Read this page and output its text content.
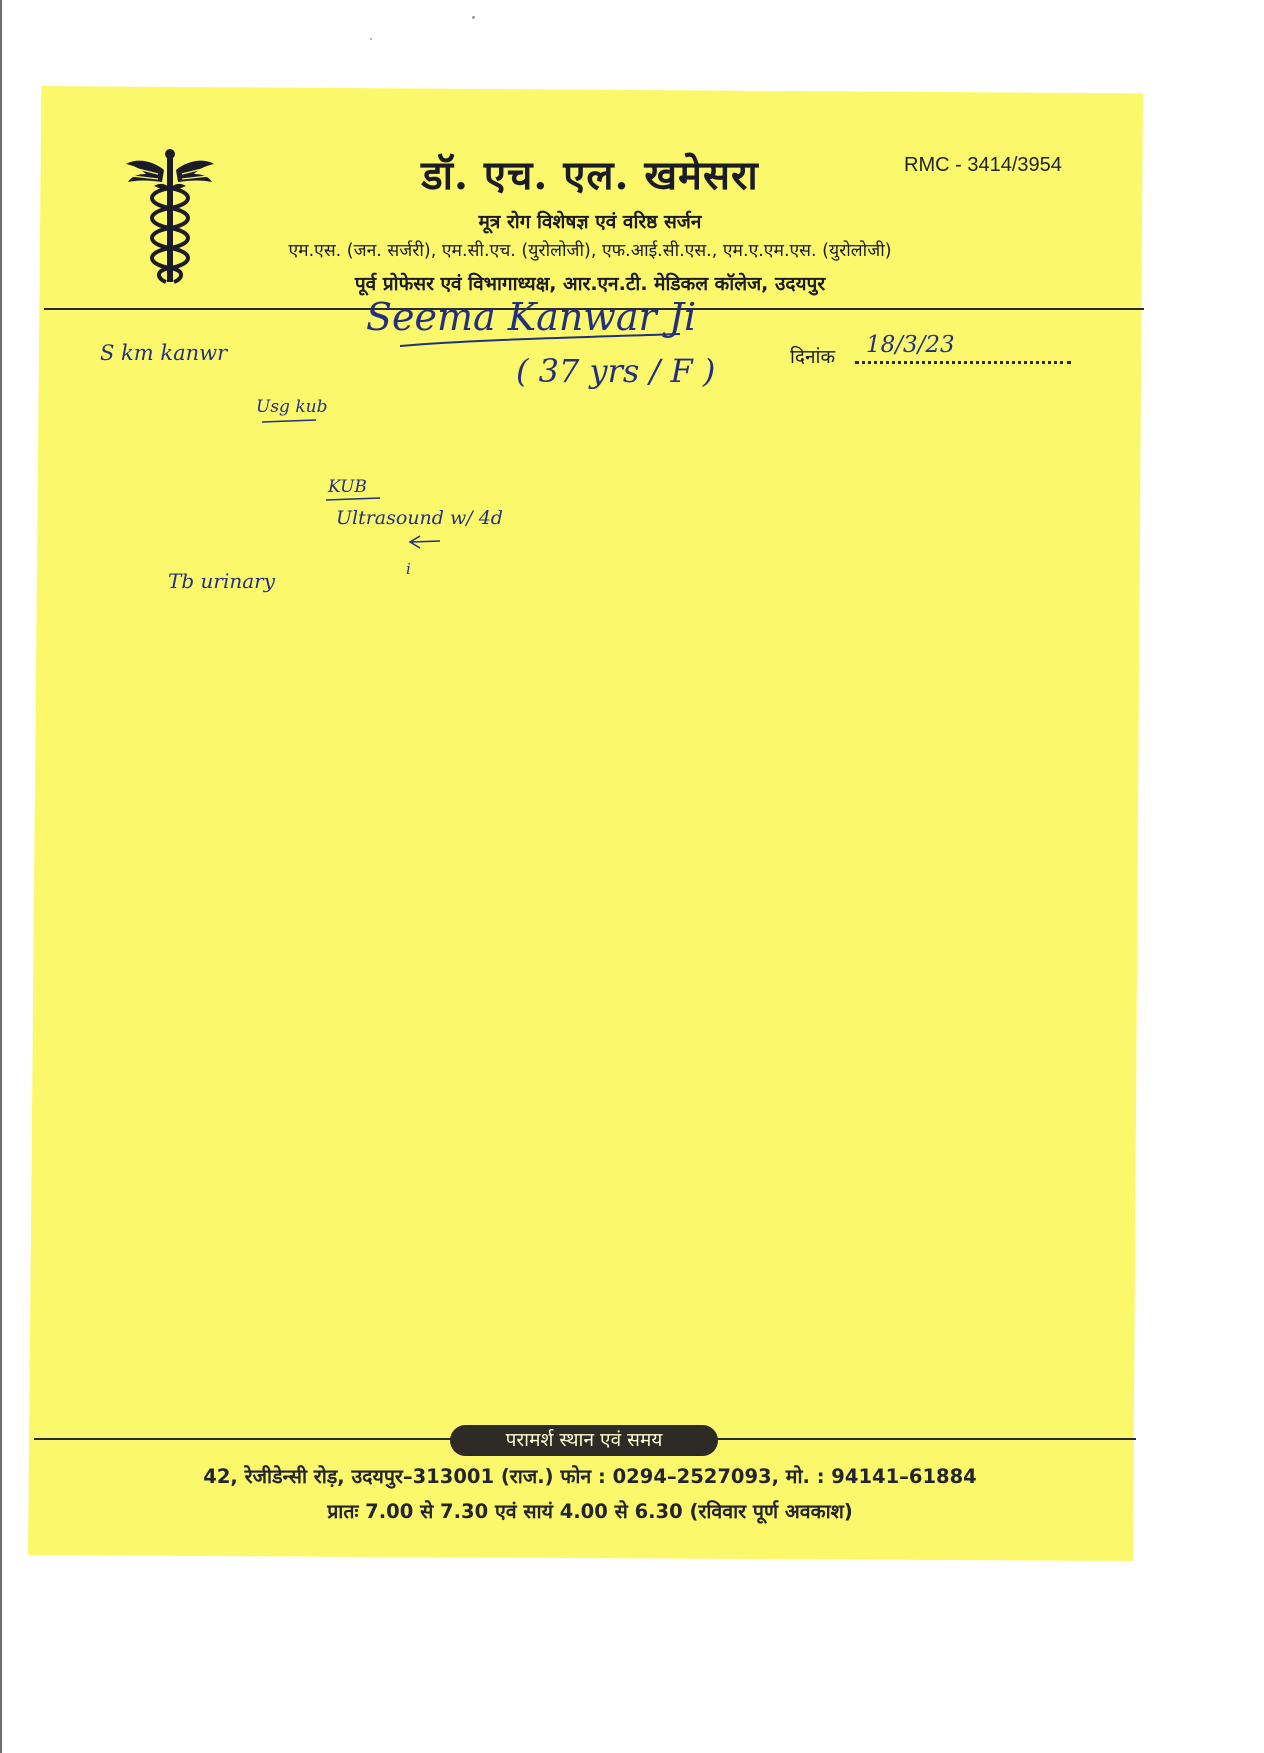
डॉ. एच. एल. खमेसरा	RMC - 3414/3954
मूत्र रोग विशेषज्ञ एवं वरिष्ठ सर्जन
एम.एस. (जन. सर्जरी), एम.सी.एच. (युरोलोजी), एफ.आई.सी.एस., एम.ए.एम.एस. (युरोलोजी)
पूर्व प्रोफेसर एवं विभागाध्यक्ष, आर.एन.टी. मेडिकल कॉलेज, उदयपुर
दिनांक
Seema Kanwar Ji
( 37 yrs / F )
18/3/23
S km kanwr
Usg kub
KUB
Ultrasound w/ 4d
i
Tb urinary
परामर्श स्थान एवं समय
42, रेजीडेन्सी रोड़, उदयपुर–313001 (राज.) फोन : 0294–2527093, मो. : 94141–61884
प्रातः 7.00 से 7.30 एवं सायं 4.00 से 6.30 (रविवार पूर्ण अवकाश)
